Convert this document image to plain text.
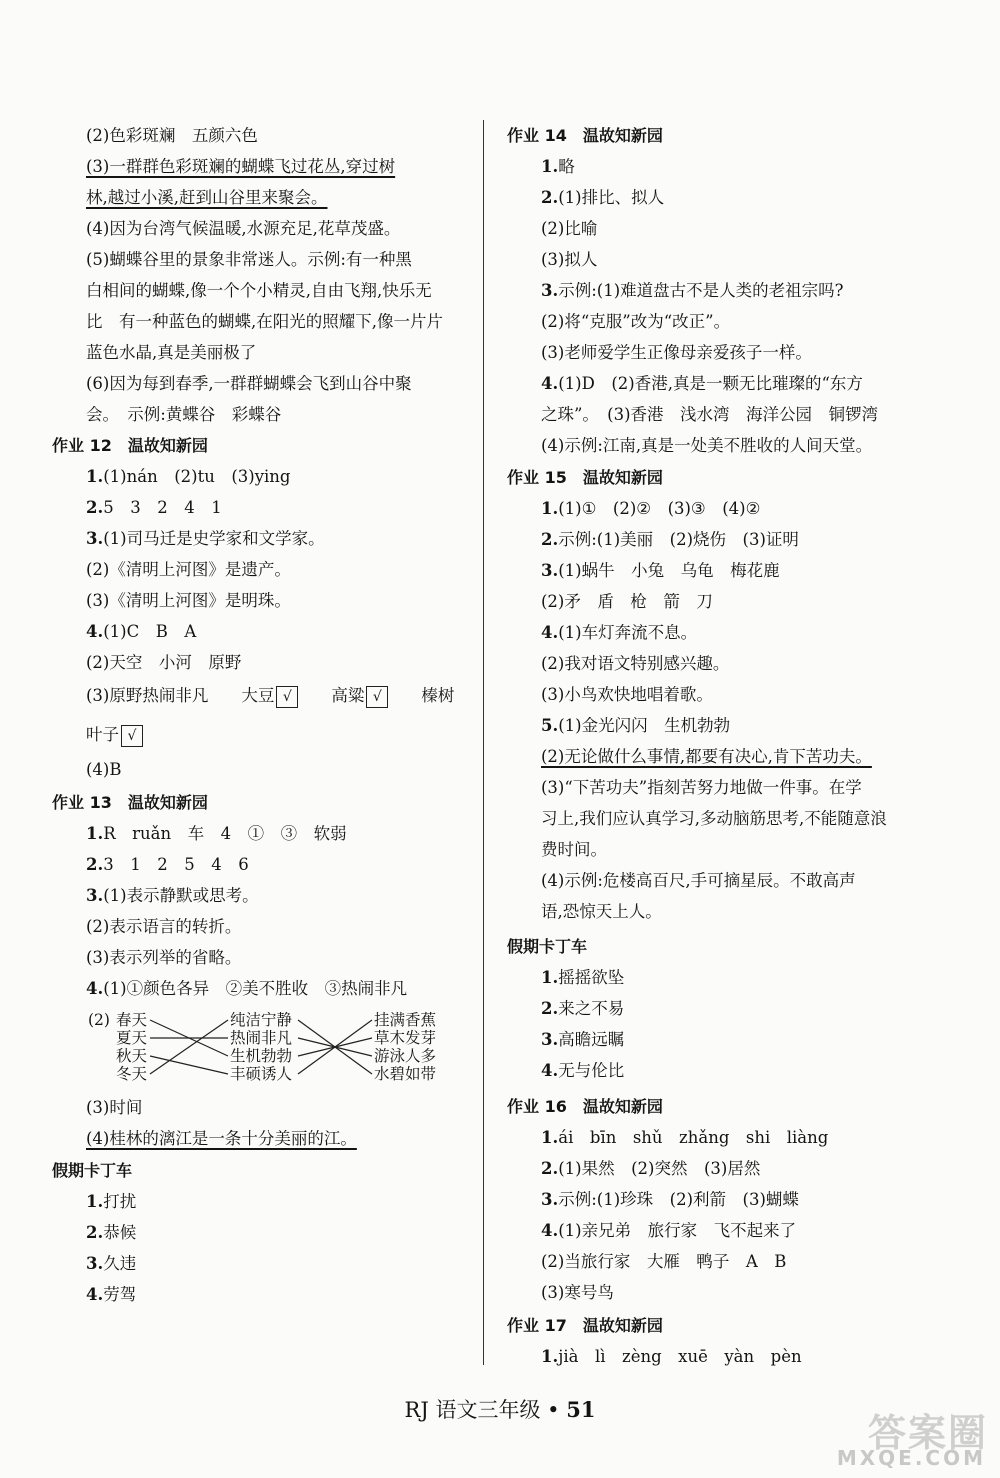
(2)色彩斑斓　五颜六色
(3)一群群色彩斑斓的蝴蝶飞过花丛,穿过树
林,越过小溪,赶到山谷里来聚会。
(4)因为台湾气候温暖,水源充足,花草茂盛。
(5)蝴蝶谷里的景象非常迷人。示例:有一种黑
白相间的蝴蝶,像一个个小精灵,自由飞翔,快乐无
比　有一种蓝色的蝴蝶,在阳光的照耀下,像一片片
蓝色水晶,真是美丽极了
(6)因为每到春季,一群群蝴蝶会飞到山谷中聚
会。　示例:黄蝶谷　彩蝶谷
作业 12　温故知新园
1.(1)nán　(2)tu　(3)ying
2.5　3　2　4　1
3.(1)司马迁是史学家和文学家。
(2)《清明上河图》是遗产。
(3)《清明上河图》是明珠。
4.(1)C　B　A
(2)天空　小河　原野
(3)原野热闹非凡　　大豆 √　　高粱 √　　榛树
叶子 √
(4)B
作业 13　温故知新园
1.R　ruǎn　车　4　①　③　软弱
2.3　1　2　5　4　6
3.(1)表示静默或思考。
(2)表示语言的转折。
(3)表示列举的省略。
4.(1)①颜色各异　②美不胜收　③热闹非凡
(3)时间
(4)桂林的漓江是一条十分美丽的江。
假期卡丁车
1.打扰
2.恭候
3.久违
4.劳驾
作业 14　温故知新园
1.略
2.(1)排比、拟人
(2)比喻
(3)拟人
3.示例:(1)难道盘古不是人类的老祖宗吗?
(2)将“克服”改为“改正”。
(3)老师爱学生正像母亲爱孩子一样。
4.(1)D　(2)香港,真是一颗无比璀璨的“东方
之珠”。　(3)香港　浅水湾　海洋公园　铜锣湾
(4)示例:江南,真是一处美不胜收的人间天堂。
作业 15　温故知新园
1.(1)①　(2)②　(3)③　(4)②
2.示例:(1)美丽　(2)烧伤　(3)证明
3.(1)蜗牛　小兔　乌龟　梅花鹿
(2)矛　盾　枪　箭　刀
4.(1)车灯奔流不息。
(2)我对语文特别感兴趣。
(3)小鸟欢快地唱着歌。
5.(1)金光闪闪　生机勃勃
(2)无论做什么事情,都要有决心,肯下苦功夫。
(3)“下苦功夫”指刻苦努力地做一件事。在学
习上,我们应认真学习,多动脑筋思考,不能随意浪
费时间。
(4)示例:危楼高百尺,手可摘星辰。不敢高声
语,恐惊天上人。
假期卡丁车
1.摇摇欲坠
2.来之不易
3.高瞻远瞩
4.无与伦比
作业 16　温故知新园
1.ái　bīn　shǔ　zhǎng　shi　liàng
2.(1)果然　(2)突然　(3)居然
3.示例:(1)珍珠　(2)利箭　(3)蝴蝶
4.(1)亲兄弟　旅行家　飞不起来了
(2)当旅行家　大雁　鸭子　A　B
(3)寒号鸟
作业 17　温故知新园
1.jià　lì　zèng　xuē　yàn　pèn
(2) 春天
夏天
秋天
冬天
纯洁宁静
热闹非凡
生机勃勃
丰硕诱人
挂满香蕉
草木发芽
游泳人多
水碧如带
RJ 语文三年级 • 51
答案圈
MXQE.COM
